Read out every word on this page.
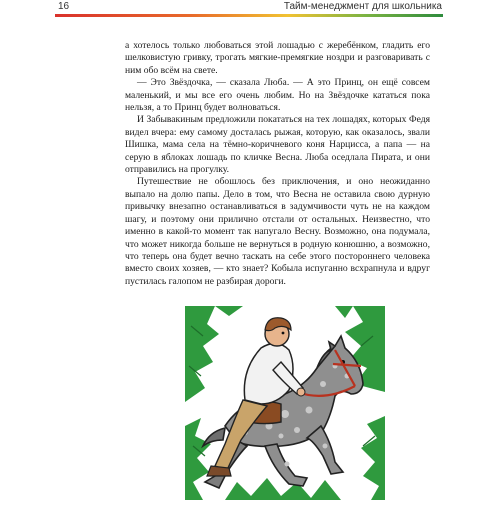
16	Тайм-менеджмент для школьника

а хотелось только любоваться этой лошадью с жеребёнком, гладить его шелковистую гривку, трогать мягкие-премягкие ноздри и разговаривать с ним обо всём на свете.

— Это Звёздочка, — сказала Люба. — А это Принц, он ещё совсем маленький, и мы все его очень любим. Но на Звёздочке кататься пока нельзя, а то Принц будет волноваться.

И Забывакиным предложили покататься на тех лошадях, которых Федя видел вчера: ему самому досталась рыжая, которую, как оказалось, звали Шишка, мама села на тёмно-коричневого коня Нарцисса, а папа — на серую в яблоках лошадь по кличке Весна. Люба оседлала Пирата, и они отправились на прогулку.

Путешествие не обошлось без приключения, и оно неожиданно выпало на долю папы. Дело в том, что Весна не оставила свою дурную привычку внезапно останавливаться в задумчивости чуть не на каждом шагу, и поэтому они прилично отстали от остальных. Неизвестно, что именно в какой-то момент так напугало Весну. Возможно, она подумала, что может никогда больше не вернуться в родную конюшню, а возможно, что теперь она будет вечно таскать на себе этого постороннего человека вместо своих хозяев, — кто знает? Кобыла испуганно всхрапнула и вдруг пустилась галопом не разбирая дороги.
